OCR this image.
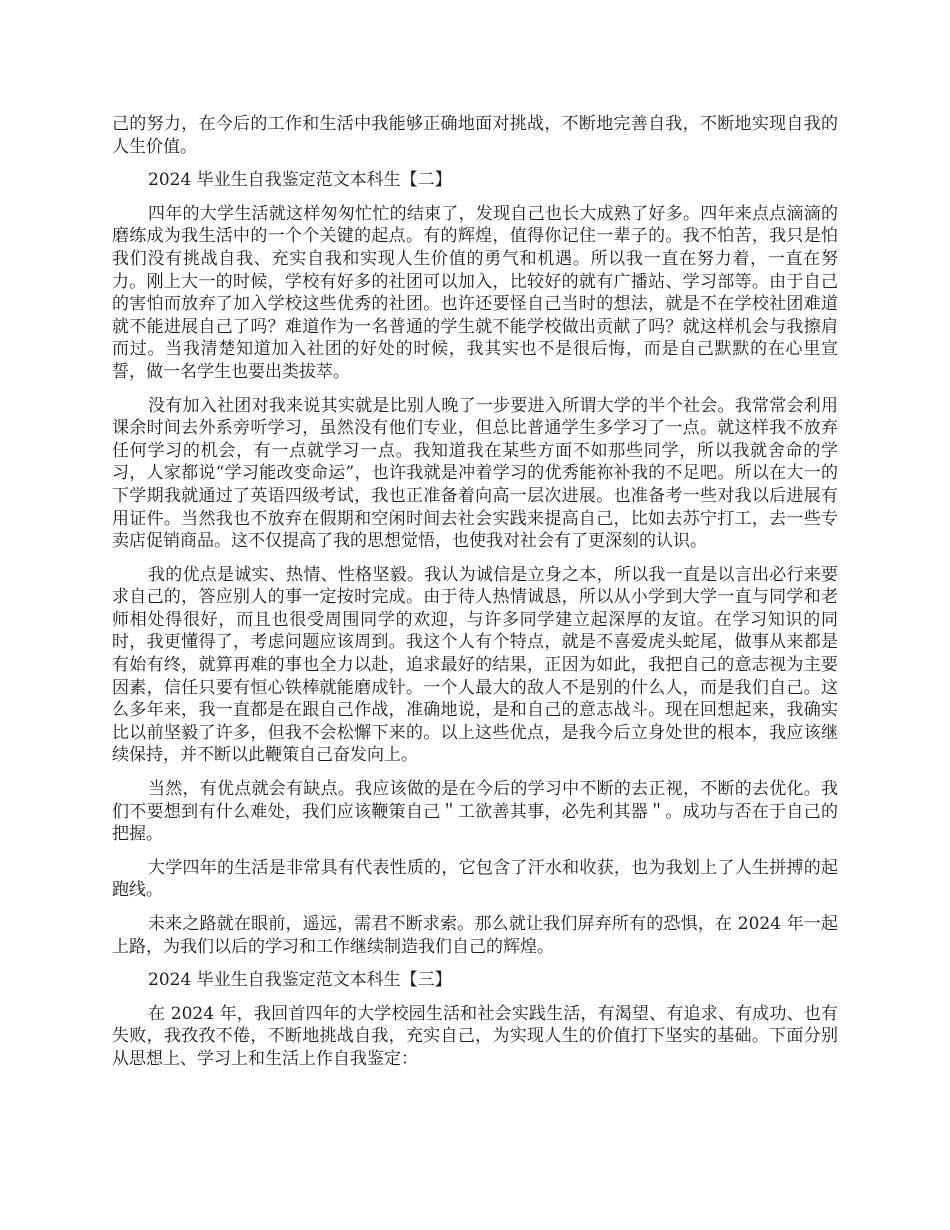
己的努力，在今后的工作和生活中我能够正确地面对挑战，不断地完善自我，不断地实现自我的人生价值。

2024 毕业生自我鉴定范文本科生【二】

四年的大学生活就这样匆匆忙忙的结束了，发现自己也长大成熟了好多。四年来点点滴滴的磨练成为我生活中的一个个关键的起点。有的辉煌，值得你记住一辈子的。我不怕苦，我只是怕我们没有挑战自我、充实自我和实现人生价值的勇气和机遇。所以我一直在努力着，一直在努力。刚上大一的时候，学校有好多的社团可以加入，比较好的就有广播站、学习部等。由于自己的害怕而放弃了加入学校这些优秀的社团。也许还要怪自己当时的想法，就是不在学校社团难道就不能进展自己了吗？难道作为一名普通的学生就不能学校做出贡献了吗？就这样机会与我擦肩而过。当我清楚知道加入社团的好处的时候，我其实也不是很后悔，而是自己默默的在心里宣誓，做一名学生也要出类拔萃。

没有加入社团对我来说其实就是比别人晚了一步要进入所谓大学的半个社会。我常常会利用课余时间去外系旁听学习，虽然没有他们专业，但总比普通学生多学习了一点。就这样我不放弃任何学习的机会，有一点就学习一点。我知道我在某些方面不如那些同学，所以我就舍命的学习，人家都说“学习能改变命运”，也许我就是冲着学习的优秀能祢补我的不足吧。所以在大一的下学期我就通过了英语四级考试，我也正准备着向高一层次进展。也准备考一些对我以后进展有用证件。当然我也不放弃在假期和空闲时间去社会实践来提高自己，比如去苏宁打工，去一些专卖店促销商品。这不仅提高了我的思想觉悟，也使我对社会有了更深刻的认识。

我的优点是诚实、热情、性格坚毅。我认为诚信是立身之本，所以我一直是以言出必行来要求自己的，答应别人的事一定按时完成。由于待人热情诚恳，所以从小学到大学一直与同学和老师相处得很好，而且也很受周围同学的欢迎，与许多同学建立起深厚的友谊。在学习知识的同时，我更懂得了，考虑问题应该周到。我这个人有个特点，就是不喜爱虎头蛇尾，做事从来都是有始有终，就算再难的事也全力以赴，追求最好的结果，正因为如此，我把自己的意志视为主要因素，信任只要有恒心铁棒就能磨成针。一个人最大的敌人不是别的什么人，而是我们自己。这么多年来，我一直都是在跟自己作战，准确地说，是和自己的意志战斗。现在回想起来，我确实比以前坚毅了许多，但我不会松懈下来的。以上这些优点，是我今后立身处世的根本，我应该继续保持，并不断以此鞭策自己奋发向上。

当然，有优点就会有缺点。我应该做的是在今后的学习中不断的去正视，不断的去优化。我们不要想到有什么难处，我们应该鞭策自己＂工欲善其事，必先利其器＂。成功与否在于自己的把握。

大学四年的生活是非常具有代表性质的，它包含了汗水和收获，也为我划上了人生拼搏的起跑线。

未来之路就在眼前，遥远，需君不断求索。那么就让我们屏弃所有的恐惧，在 2024 年一起上路，为我们以后的学习和工作继续制造我们自己的辉煌。

2024 毕业生自我鉴定范文本科生【三】

在 2024 年，我回首四年的大学校园生活和社会实践生活，有渴望、有追求、有成功、也有失败，我孜孜不倦，不断地挑战自我，充实自己，为实现人生的价值打下坚实的基础。下面分别从思想上、学习上和生活上作自我鉴定：
